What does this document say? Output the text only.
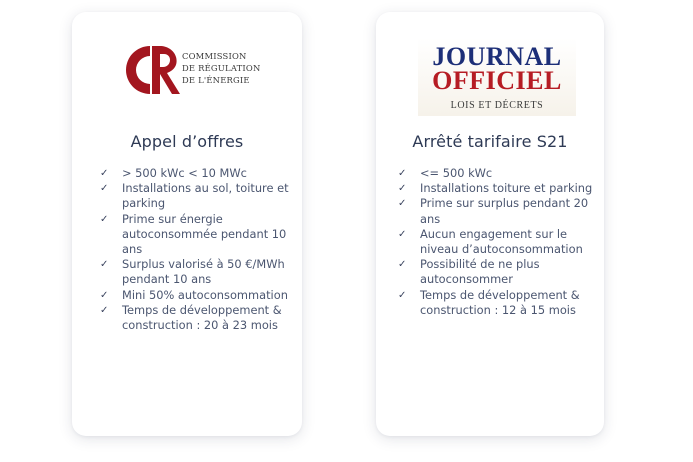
COMMISSION
DE RÉGULATION
DE L'ÉNERGIE
Appel d’offres
✓ > 500 kWc < 10 MWc
✓ Installations au sol, toiture et parking
✓ Prime sur énergie autoconsommée pendant 10 ans
✓ Surplus valorisé à 50 €/MWh pendant 10 ans
✓ Mini 50% autoconsommation
✓ Temps de développement & construction : 20 à 23 mois
JOURNAL
OFFICIEL
LOIS ET DÉCRETS
Arrêté tarifaire S21
✓ <= 500 kWc
✓ Installations toiture et parking
✓ Prime sur surplus pendant 20 ans
✓ Aucun engagement sur le niveau d’autoconsommation
✓ Possibilité de ne plus autoconsommer
✓ Temps de développement & construction : 12 à 15 mois
